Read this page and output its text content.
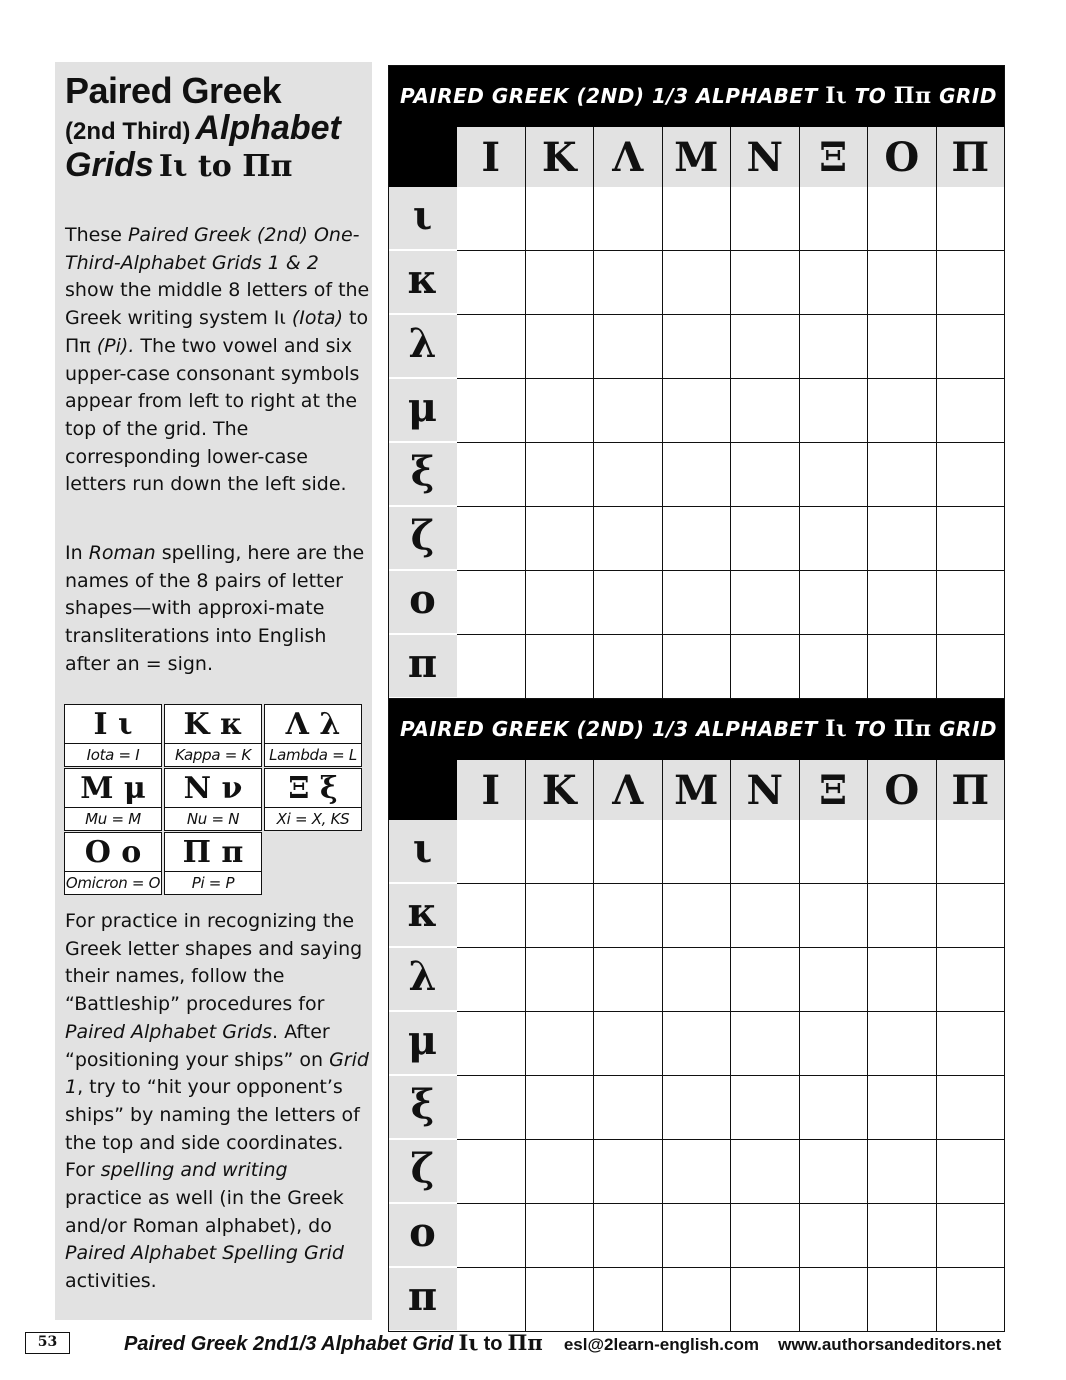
Paired Greek
(2nd Third) Alphabet
Grids Ιι to Ππ
These Paired Greek (2nd) One-Third-Alphabet Grids 1 & 2 show the middle 8 letters of the Greek writing system Ιι (Iota) to Ππ (Pi). The two vowel and six upper-case consonant symbols appear from left to right at the top of the grid. The corresponding lower-case letters run down the left side.
In Roman spelling, here are the names of the 8 pairs of letter shapes—with approxi-mate transliterations into English after an = sign.
Ι ι
Iota = I
Κ κ
Kappa = K
Λ λ
Lambda = L
Μ μ
Mu = M
Ν ν
Nu = N
Ξ ξ
Xi = X, KS
Ο ο
Omicron = O
Π π
Pi = P
For practice in recognizing the Greek letter shapes and saying their names, follow the “Battleship” procedures for Paired Alphabet Grids. After “positioning your ships” on Grid 1, try to “hit your opponent’s ships” by naming the letters of the top and side coordinates. For spelling and writing practice as well (in the Greek and/or Roman alphabet), do Paired Alphabet Spelling Grid activities.
PAIRED GREEK (2ND) 1/3 ALPHABET Ιι TO Ππ GRID 1
Ι	Κ Λ Μ Ν Ξ Ο Π
ι
κ
λ
μ
ξ
ζ
ο
π
PAIRED GREEK (2ND) 1/3 ALPHABET Ιι TO Ππ GRID 2
Ι	Κ Λ Μ Ν Ξ Ο Π
ι
κ
λ
μ
ξ
ζ
ο
π
53	Paired Greek 2nd1/3 Alphabet Grid Ιι to Ππ esl@2learn-english.com www.authorsandeditors.net
